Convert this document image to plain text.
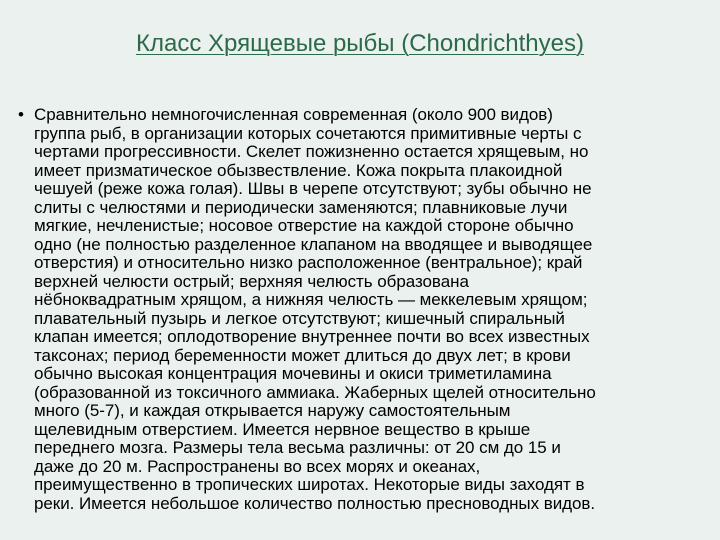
Класс Хрящевые рыбы (Chondrichthyes)
• Сравнительно немногочисленная современная (около 900 видов)
группа рыб, в организации которых сочетаются примитивные черты с
чертами прогрессивности. Скелет пожизненно остается хрящевым, но
имеет призматическое обызвествление. Кожа покрыта плакоидной
чешуей (реже кожа голая). Швы в черепе отсутствуют; зубы обычно не
слиты с челюстями и периодически заменяются; плавниковые лучи
мягкие, нечленистые; носовое отверстие на каждой стороне обычно
одно (не полностью разделенное клапаном на вводящее и выводящее
отверстия) и относительно низко расположенное (вентральное); край
верхней челюсти острый; верхняя челюсть образована
нёбноквадратным хрящом, а нижняя челюсть — меккелевым хрящом;
плавательный пузырь и легкое отсутствуют; кишечный спиральный
клапан имеется; оплодотворение внутреннее почти во всех известных
таксонах; период беременности может длиться до двух лет; в крови
обычно высокая концентрация мочевины и окиси триметиламина
(образованной из токсичного аммиака. Жаберных щелей относительно
много (5-7), и каждая открывается наружу самостоятельным
щелевидным отверстием. Имеется нервное вещество в крыше
переднего мозга. Размеры тела весьма различны: от 20 см до 15 и
даже до 20 м. Распространены во всех морях и океанах,
преимущественно в тропических широтах. Некоторые виды заходят в
реки. Имеется небольшое количество полностью пресноводных видов.
